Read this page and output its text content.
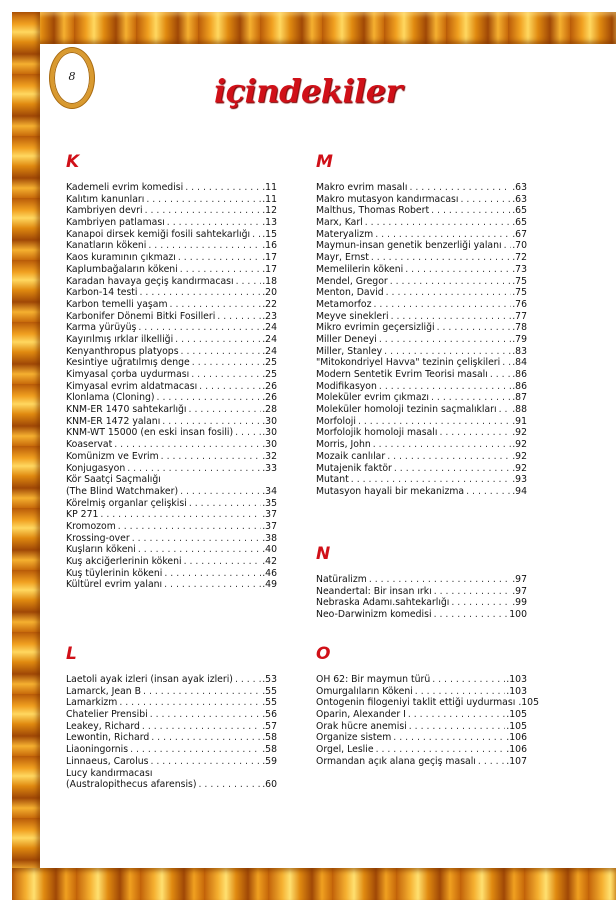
8	içindekiler
K
Kademeli evrim komedisi . . .	.11
Kalıtım kanunları . . .	.11
Kambriyen devri . . .	.12
Kambriyen patlaması . . .	.13
Kanapoi dirsek kemiği fosili sahtekarlığı . . . .15
Kanatların kökeni . . .	.16
Kaos kuramının çıkmazı . . .	.17
Kaplumbağaların kökeni . . .	.17
Karadan havaya geçiş kandırmacası . . .	.18
Karbon-14 testi . . .	.20
Karbon temelli yaşam . . .	.22
Karbonifer Dönemi Bitki Fosilleri . . .	.23
Karma yürüyüş . . .	.24
Kayırılmış ırklar ilkelliği . . .	.24
Kenyanthropus platyops . . .	.24
Kesintiye uğratılmış denge . . .	.25
Kimyasal çorba uydurması . . .	.25
Kimyasal evrim aldatmacası . . .	.26
Klonlama (Cloning) . . .	.26
KNM-ER 1470 sahtekarlığı . . .	.28
KNM-ER 1472 yalanı . . .	.30
KNM-WT 15000 (en eski insan fosili) . . .	.30
Koaservat . . .	.30
Komünizm ve Evrim . . .	.32
Konjugasyon . . .	.33
Kör Saatçi Saçmalığı
(The Blind Watchmaker) . . .	.34
Körelmiş organlar çelişkisi . . .	.35
KP 271 . . .	.37
Kromozom . . .	.37
Krossing-over . . .	.38
Kuşların kökeni . . .	.40
Kuş akciğerlerinin kökeni . . .	.42
Kuş tüylerinin kökeni . . .	.46
Kültürel evrim yalanı . . .	.49
L
Laetoli ayak izleri (insan ayak izleri) . . .	.53
Lamarck, Jean B . . .	.55
Lamarkizm . . .	.55
Chatelier Prensibi . . .	.56
Leakey, Richard . . .	.57
Lewontin, Richard . . .	.58
Liaoningornis . . .	.58
Linnaeus, Carolus . . .	.59
Lucy kandırmacası
(Australopithecus afarensis) . . .	.60
M
Makro evrim masalı . . .	.63
Makro mutasyon kandırmacası . . .	.63
Malthus, Thomas Robert . . .	.65
Marx, Karl . . .	.65
Materyalizm . . .	.67
Maymun-insan genetik benzerliği yalanı . . . .70
Mayr, Ernst . . .	.72
Memelilerin kökeni . . .	.73
Mendel, Gregor . . .	.75
Menton, David . . .	.75
Metamorfoz . . .	.76
Meyve sinekleri . . .	.77
Mikro evrimin geçersizliği . . .	.78
Miller Deneyi . . .	.79
Miller, Stanley . . .	.83
"Mitokondriyel Havva" tezinin çelişkileri . . . .84
Modern Sentetik Evrim Teorisi masalı . . .	.86
Modifikasyon . . .	.86
Moleküler evrim çıkmazı . . .	.87
Moleküler homoloji tezinin saçmalıkları . . . .88
Morfoloji . . .	.91
Morfolojik homoloji masalı . . .	.92
Morris, John . . .	.92
Mozaik canlılar . . .	.92
Mutajenik faktör . . .	.92
Mutant . . .	.93
Mutasyon hayali bir mekanizma . . .	.94
N
Natüralizm . . .	.97
Neandertal: Bir insan ırkı . . .	.97
Nebraska Adamı.sahtekarlığı . . .	.99
Neo-Darwinizm komedisi . . .	100
O
OH 62: Bir maymun türü . . .	.103
Omurgalıların Kökeni . . .	.103
Ontogenin filogeniyi taklit ettiği uydurması .105
Oparin, Alexander I . . .	.105
Orak hücre anemisi . . .	.105
Organize sistem . . .	.106
Orgel, Leslie . . .	.106
Ormandan açık alana geçiş masalı . . .	.107
